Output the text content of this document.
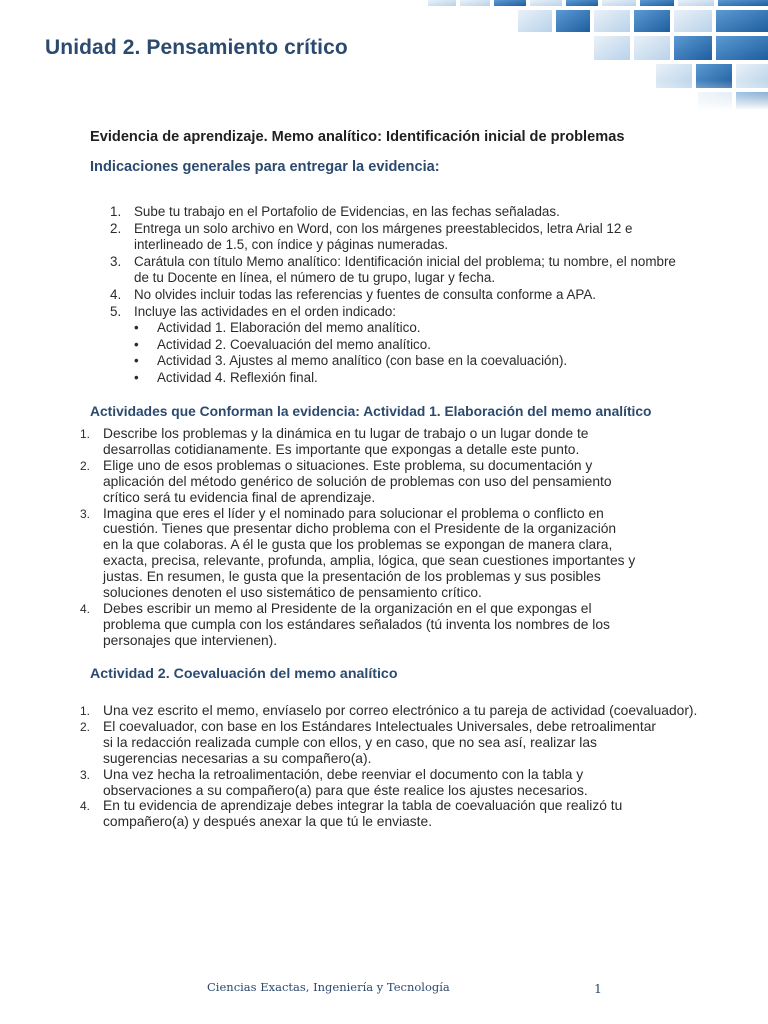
Unidad 2. Pensamiento crítico
Evidencia de aprendizaje. Memo analítico: Identificación inicial de problemas
Indicaciones generales para entregar la evidencia:
1. Sube tu trabajo en el Portafolio de Evidencias, en las fechas señaladas.
2. Entrega un solo archivo en Word, con los márgenes preestablecidos, letra Arial 12 e
interlineado de 1.5, con índice y páginas numeradas.
3. Carátula con título Memo analítico: Identificación inicial del problema; tu nombre, el nombre
de tu Docente en línea, el número de tu grupo, lugar y fecha.
4. No olvides incluir todas las referencias y fuentes de consulta conforme a APA.
5. Incluye las actividades en el orden indicado:
• Actividad 1. Elaboración del memo analítico.
• Actividad 2. Coevaluación del memo analítico.
• Actividad 3. Ajustes al memo analítico (con base en la coevaluación).
• Actividad 4. Reflexión final.
Actividades que Conforman la evidencia: Actividad 1. Elaboración del memo analítico
1. Describe los problemas y la dinámica en tu lugar de trabajo o un lugar donde te
desarrollas cotidianamente. Es importante que expongas a detalle este punto.
2. Elige uno de esos problemas o situaciones. Este problema, su documentación y
aplicación del método genérico de solución de problemas con uso del pensamiento
crítico será tu evidencia final de aprendizaje.
3. Imagina que eres el líder y el nominado para solucionar el problema o conflicto en
cuestión. Tienes que presentar dicho problema con el Presidente de la organización
en la que colaboras. A él le gusta que los problemas se expongan de manera clara,
exacta, precisa, relevante, profunda, amplia, lógica, que sean cuestiones importantes y
justas. En resumen, le gusta que la presentación de los problemas y sus posibles
soluciones denoten el uso sistemático de pensamiento crítico.
4. Debes escribir un memo al Presidente de la organización en el que expongas el
problema que cumpla con los estándares señalados (tú inventa los nombres de los
personajes que intervienen).
Actividad 2. Coevaluación del memo analítico
1. Una vez escrito el memo, envíaselo por correo electrónico a tu pareja de actividad (coevaluador).
2. El coevaluador, con base en los Estándares Intelectuales Universales, debe retroalimentar
si la redacción realizada cumple con ellos, y en caso, que no sea así, realizar las
sugerencias necesarias a su compañero(a).
3. Una vez hecha la retroalimentación, debe reenviar el documento con la tabla y
observaciones a su compañero(a) para que éste realice los ajustes necesarios.
4. En tu evidencia de aprendizaje debes integrar la tabla de coevaluación que realizó tu
compañero(a) y después anexar la que tú le enviaste.
Ciencias Exactas, Ingeniería y Tecnología	1
